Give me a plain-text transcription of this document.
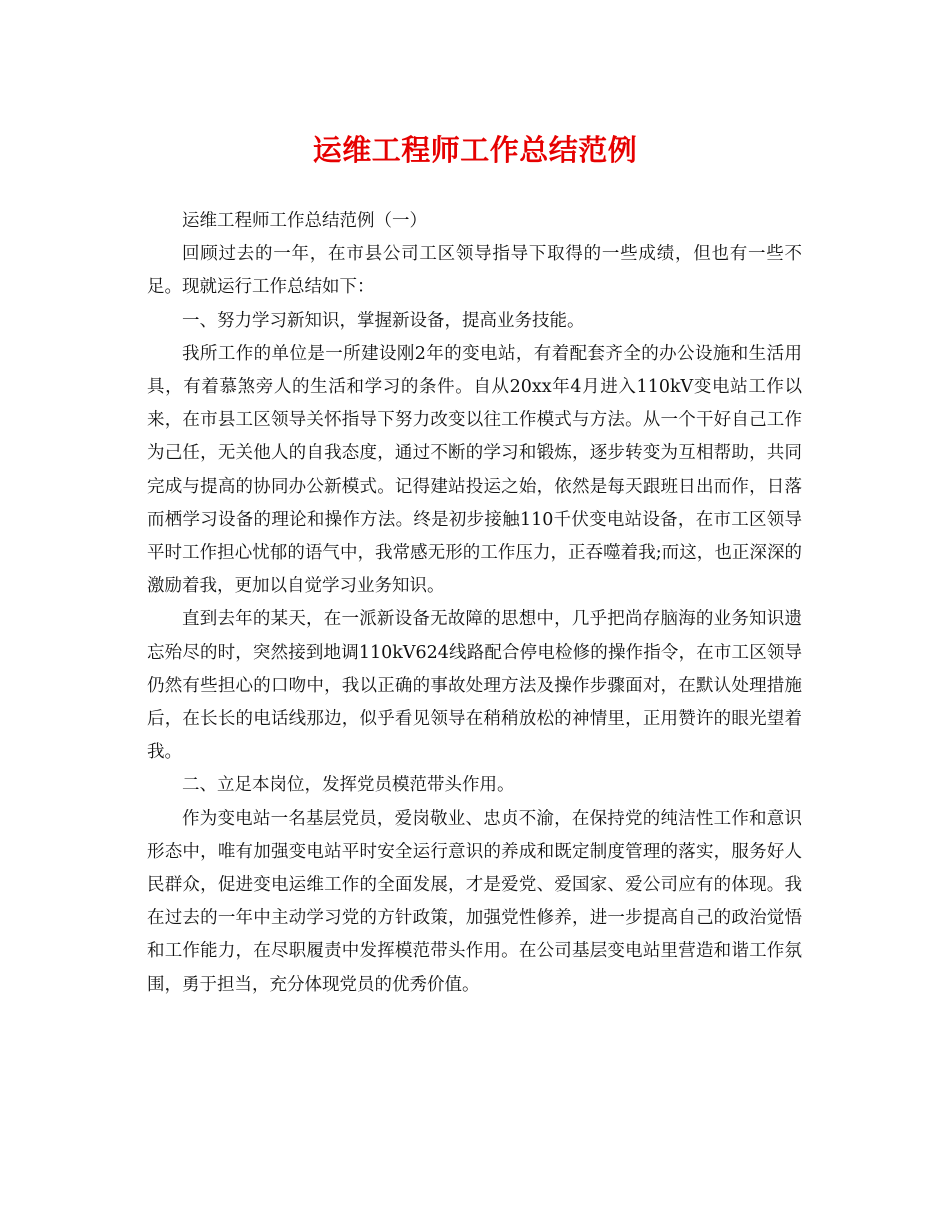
运维工程师工作总结范例

运维工程师工作总结范例（一）

回顾过去的一年，在市县公司工区领导指导下取得的一些成绩，但也有一些不足。现就运行工作总结如下：

一、努力学习新知识，掌握新设备，提高业务技能。

我所工作的单位是一所建设刚2年的变电站，有着配套齐全的办公设施和生活用具，有着慕煞旁人的生活和学习的条件。自从20xx年4月进入110kV变电站工作以来，在市县工区领导关怀指导下努力改变以往工作模式与方法。从一个干好自己工作为己任，无关他人的自我态度，通过不断的学习和锻炼，逐步转变为互相帮助，共同完成与提高的协同办公新模式。记得建站投运之始，依然是每天跟班日出而作，日落而栖学习设备的理论和操作方法。终是初步接触110千伏变电站设备，在市工区领导平时工作担心忧郁的语气中，我常感无形的工作压力，正吞噬着我;而这，也正深深的激励着我，更加以自觉学习业务知识。

直到去年的某天，在一派新设备无故障的思想中，几乎把尚存脑海的业务知识遗忘殆尽的时，突然接到地调110kV624线路配合停电检修的操作指令，在市工区领导仍然有些担心的口吻中，我以正确的事故处理方法及操作步骤面对，在默认处理措施后，在长长的电话线那边，似乎看见领导在稍稍放松的神情里，正用赞许的眼光望着我。

二、立足本岗位，发挥党员模范带头作用。

作为变电站一名基层党员，爱岗敬业、忠贞不渝，在保持党的纯洁性工作和意识形态中，唯有加强变电站平时安全运行意识的养成和既定制度管理的落实，服务好人民群众，促进变电运维工作的全面发展，才是爱党、爱国家、爱公司应有的体现。我在过去的一年中主动学习党的方针政策，加强党性修养，进一步提高自己的政治觉悟和工作能力，在尽职履责中发挥模范带头作用。在公司基层变电站里营造和谐工作氛围，勇于担当，充分体现党员的优秀价值。
